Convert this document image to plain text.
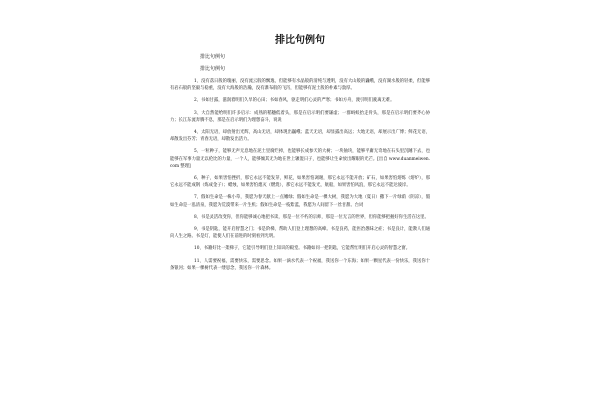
排比句例句
排比句例句
排比句例句

1、没有落日般的瑰丽，没有流云般的飘逸，但能够有水晶般的清纯与透明，没有大山般的巍峨，没有湖水般的轻柔，但能够有岩石般的坚毅与稳重，没有大海般的浩瀚，没有瀑布般的飞泻，但能够有泥土般的朴素与敦厚。

2、书如甘露，滋润着明们久旱的心田；书如春风，驱走明们心灵的严寒；书如方舟，渡引明们驶离无难。

3、大自然能给明们许多启示：成熟的稻穗低着头，那是在启示明们要谦虚；一群蚂蚁抬走骨头，那是在启示明们要齐心协力；长江东流奔腾不息，那是在启示明们为理想奋斗，说说

4、太阳无语，却放射出光辉，高山无语，却体现出巍峨；蓝天无语，却显露出高远；大地无语，却展示出广博；鲜花无语，却散发出芬芳；青春无语，却散发出活力。

5、一粒种子，能够无声无息地在泥土里腐烂掉，也能够长成参天的大树；一块铀块，能够平庸无奇地在石头里沉睡下去，也能够在军事力量无以伦比的力量，一个人，能够倾其无为地在世上辗混日子，也能够让生命放出耀眼的光芒。[出自 www.duanmeiwen.com 整理]

6、种子，如果害怕挫折，那它永远不能发芽，鲜花，如果害怕凋谢，那它永远不能开放；矿石，如果害怕熔炼（熔炉），那它永远不能成钢（炼成金子）；蜡烛，如果害怕熄灭（燃烧），那它永远不能发光，航船，如果害怕风浪，那它永远不能达彼岸。

7、假如生命是一株小草，我愿为春天献上一点嫩绿；假如生命是一棵大树，我愿为大地（夏日）撒下一片绿荫（阴凉），假如生命是一泓清泉，我愿为荒漠带来一片生机；假如生命是一枝紫蓝，我愿为人间留下一丝甘甜。台词

8、书是灵活改变你，但你能够诚心地把书读，那是一位不朽的宗师，那是一位无言的世界，但你能够把握好你生活在这里。

9、书是钥匙，能开启智慧之门；书是阶梯，帮助人们登上理想的高峰。书是良药，能医治愚昧之症；书是良计，能教人们通向人生之路。书是灯，能使人们在前进的时刻看到光明。

10、书籍好比一架梯子，它能引导明们登上知识的殿堂。书籍如同一把钥匙，它能帮忙明们开启心灵的智慧之窗。

11、人需要祝福，需要快乐，需要思念。如果一滴水代表一个祝福，我送你一个东海；如果一颗星代表一份快乐，我送你十条银河；如果一棵树代表一缕思念，我送你一片森林。
